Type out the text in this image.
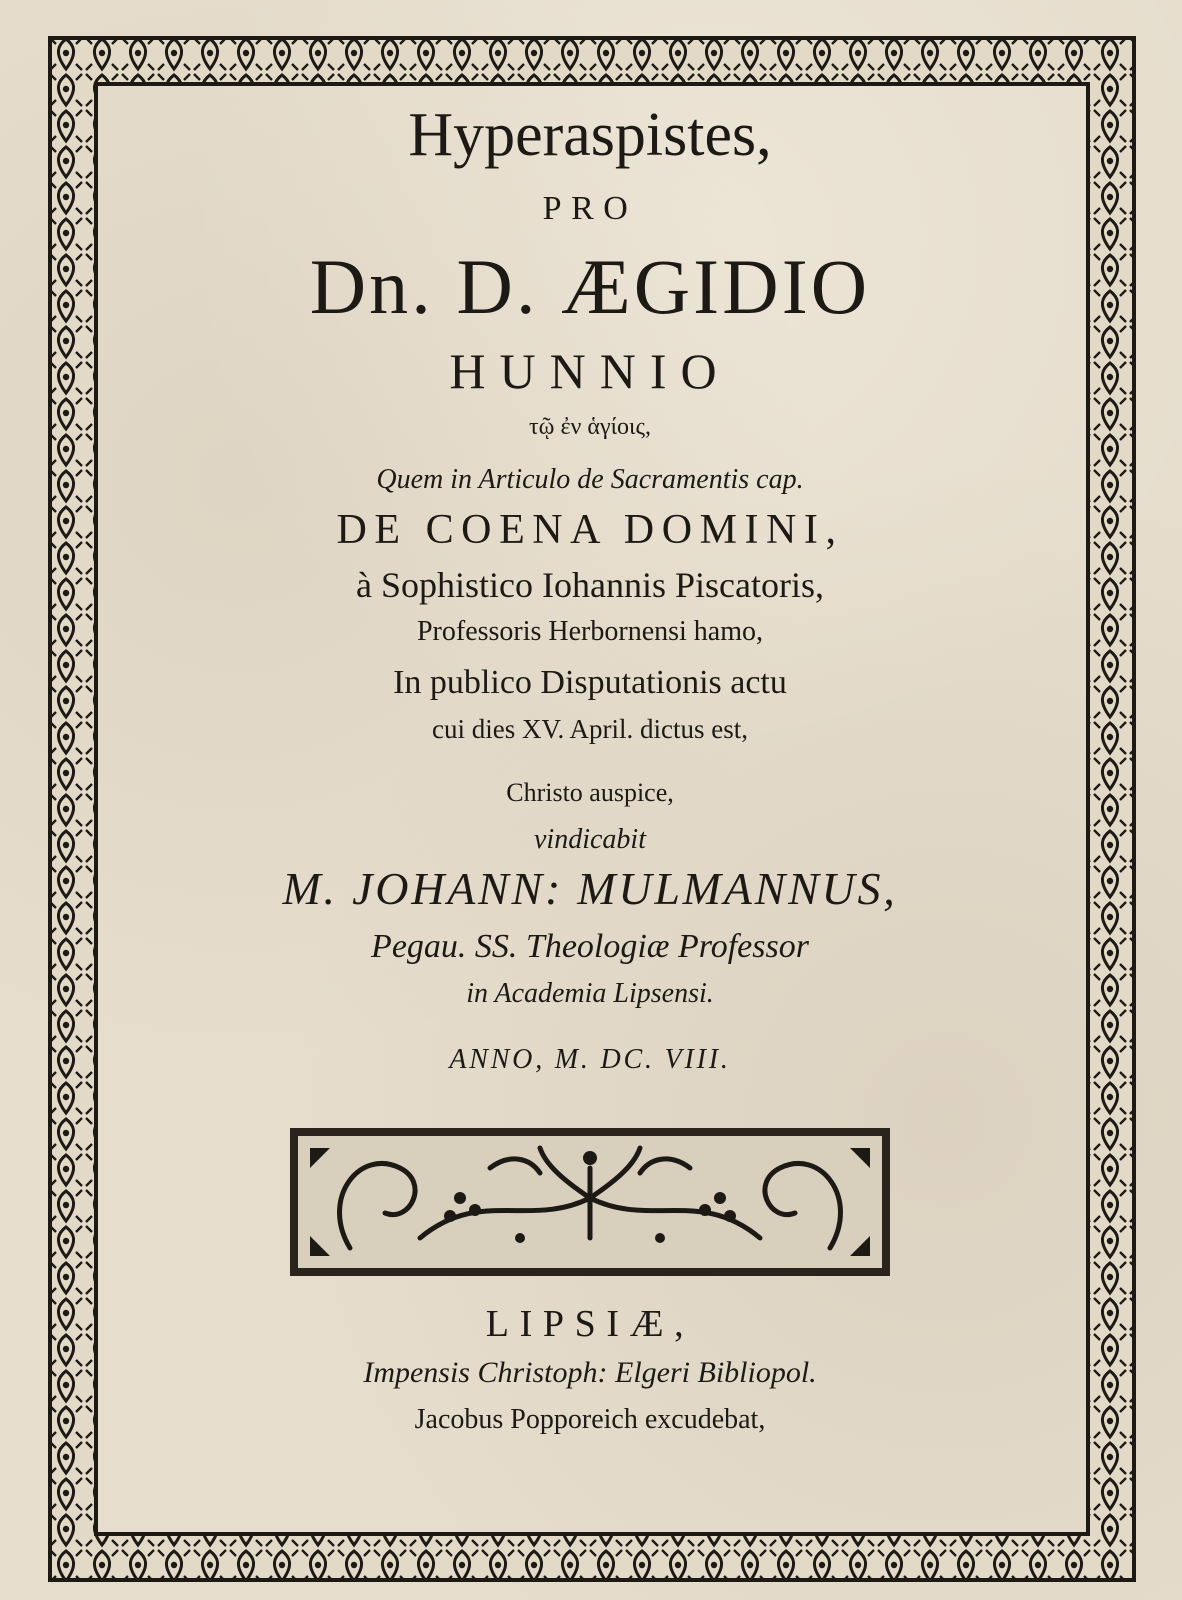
Hyperaspistes,
PRO
Dn. D. ÆGIDIO
HUNNIO
τῷ ἐν ἁγίοις,
Quem in Articulo de Sacramentis cap.
DE COENA DOMINI,
à Sophistico Iohannis Piscatoris,
Professoris Herbornensi hamo,
In publico Disputationis actu
cui dies XV. April. dictus est,
Christo auspice,
vindicabit
M. JOHANN: MULMANNUS,
Pegau. SS. Theologiæ Professor
in Academia Lipsensi.
ANNO, M. DC. VIII.
LIPSIÆ,
Impensis Christoph: Elgeri Bibliopol.
Jacobus Popporeich excudebat,
